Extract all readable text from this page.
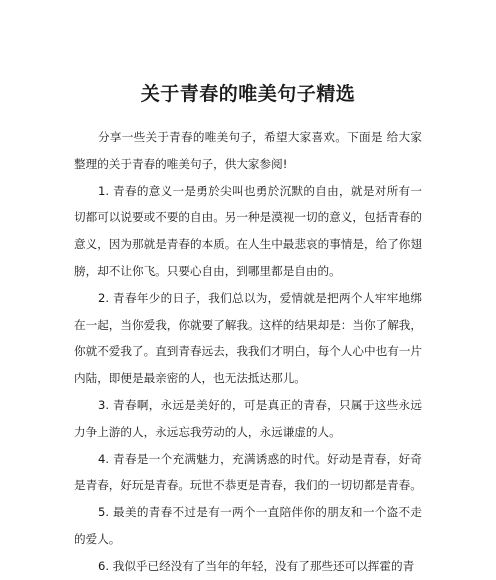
关于青春的唯美句子精选

分享一些关于青春的唯美句子，希望大家喜欢。下面是 给大家整理的关于青春的唯美句子，供大家参阅!

1. 青春的意义一是勇於尖叫也勇於沉默的自由，就是对所有一切都可以说要或不要的自由。另一种是漠视一切的意义，包括青春的意义，因为那就是青春的本质。在人生中最悲哀的事情是，给了你翅膀，却不让你飞。只要心自由，到哪里都是自由的。

2. 青春年少的日子，我们总以为，爱情就是把两个人牢牢地绑在一起，当你爱我，你就要了解我。这样的结果却是：当你了解我，你就不爱我了。直到青春远去，我我们才明白，每个人心中也有一片内陆，即便是最亲密的人，也无法抵达那儿。

3. 青春啊，永远是美好的，可是真正的青春，只属于这些永远力争上游的人，永远忘我劳动的人，永远谦虚的人。

4. 青春是一个充满魅力，充满诱惑的时代。好动是青春，好奇是青春，好玩是青春。玩世不恭更是青春，我们的一切切都是青春。

5. 最美的青春不过是有一两个一直陪伴你的朋友和一个盗不走的爱人。

6. 我似乎已经没有了当年的年轻，没有了那些还可以挥霍的青
